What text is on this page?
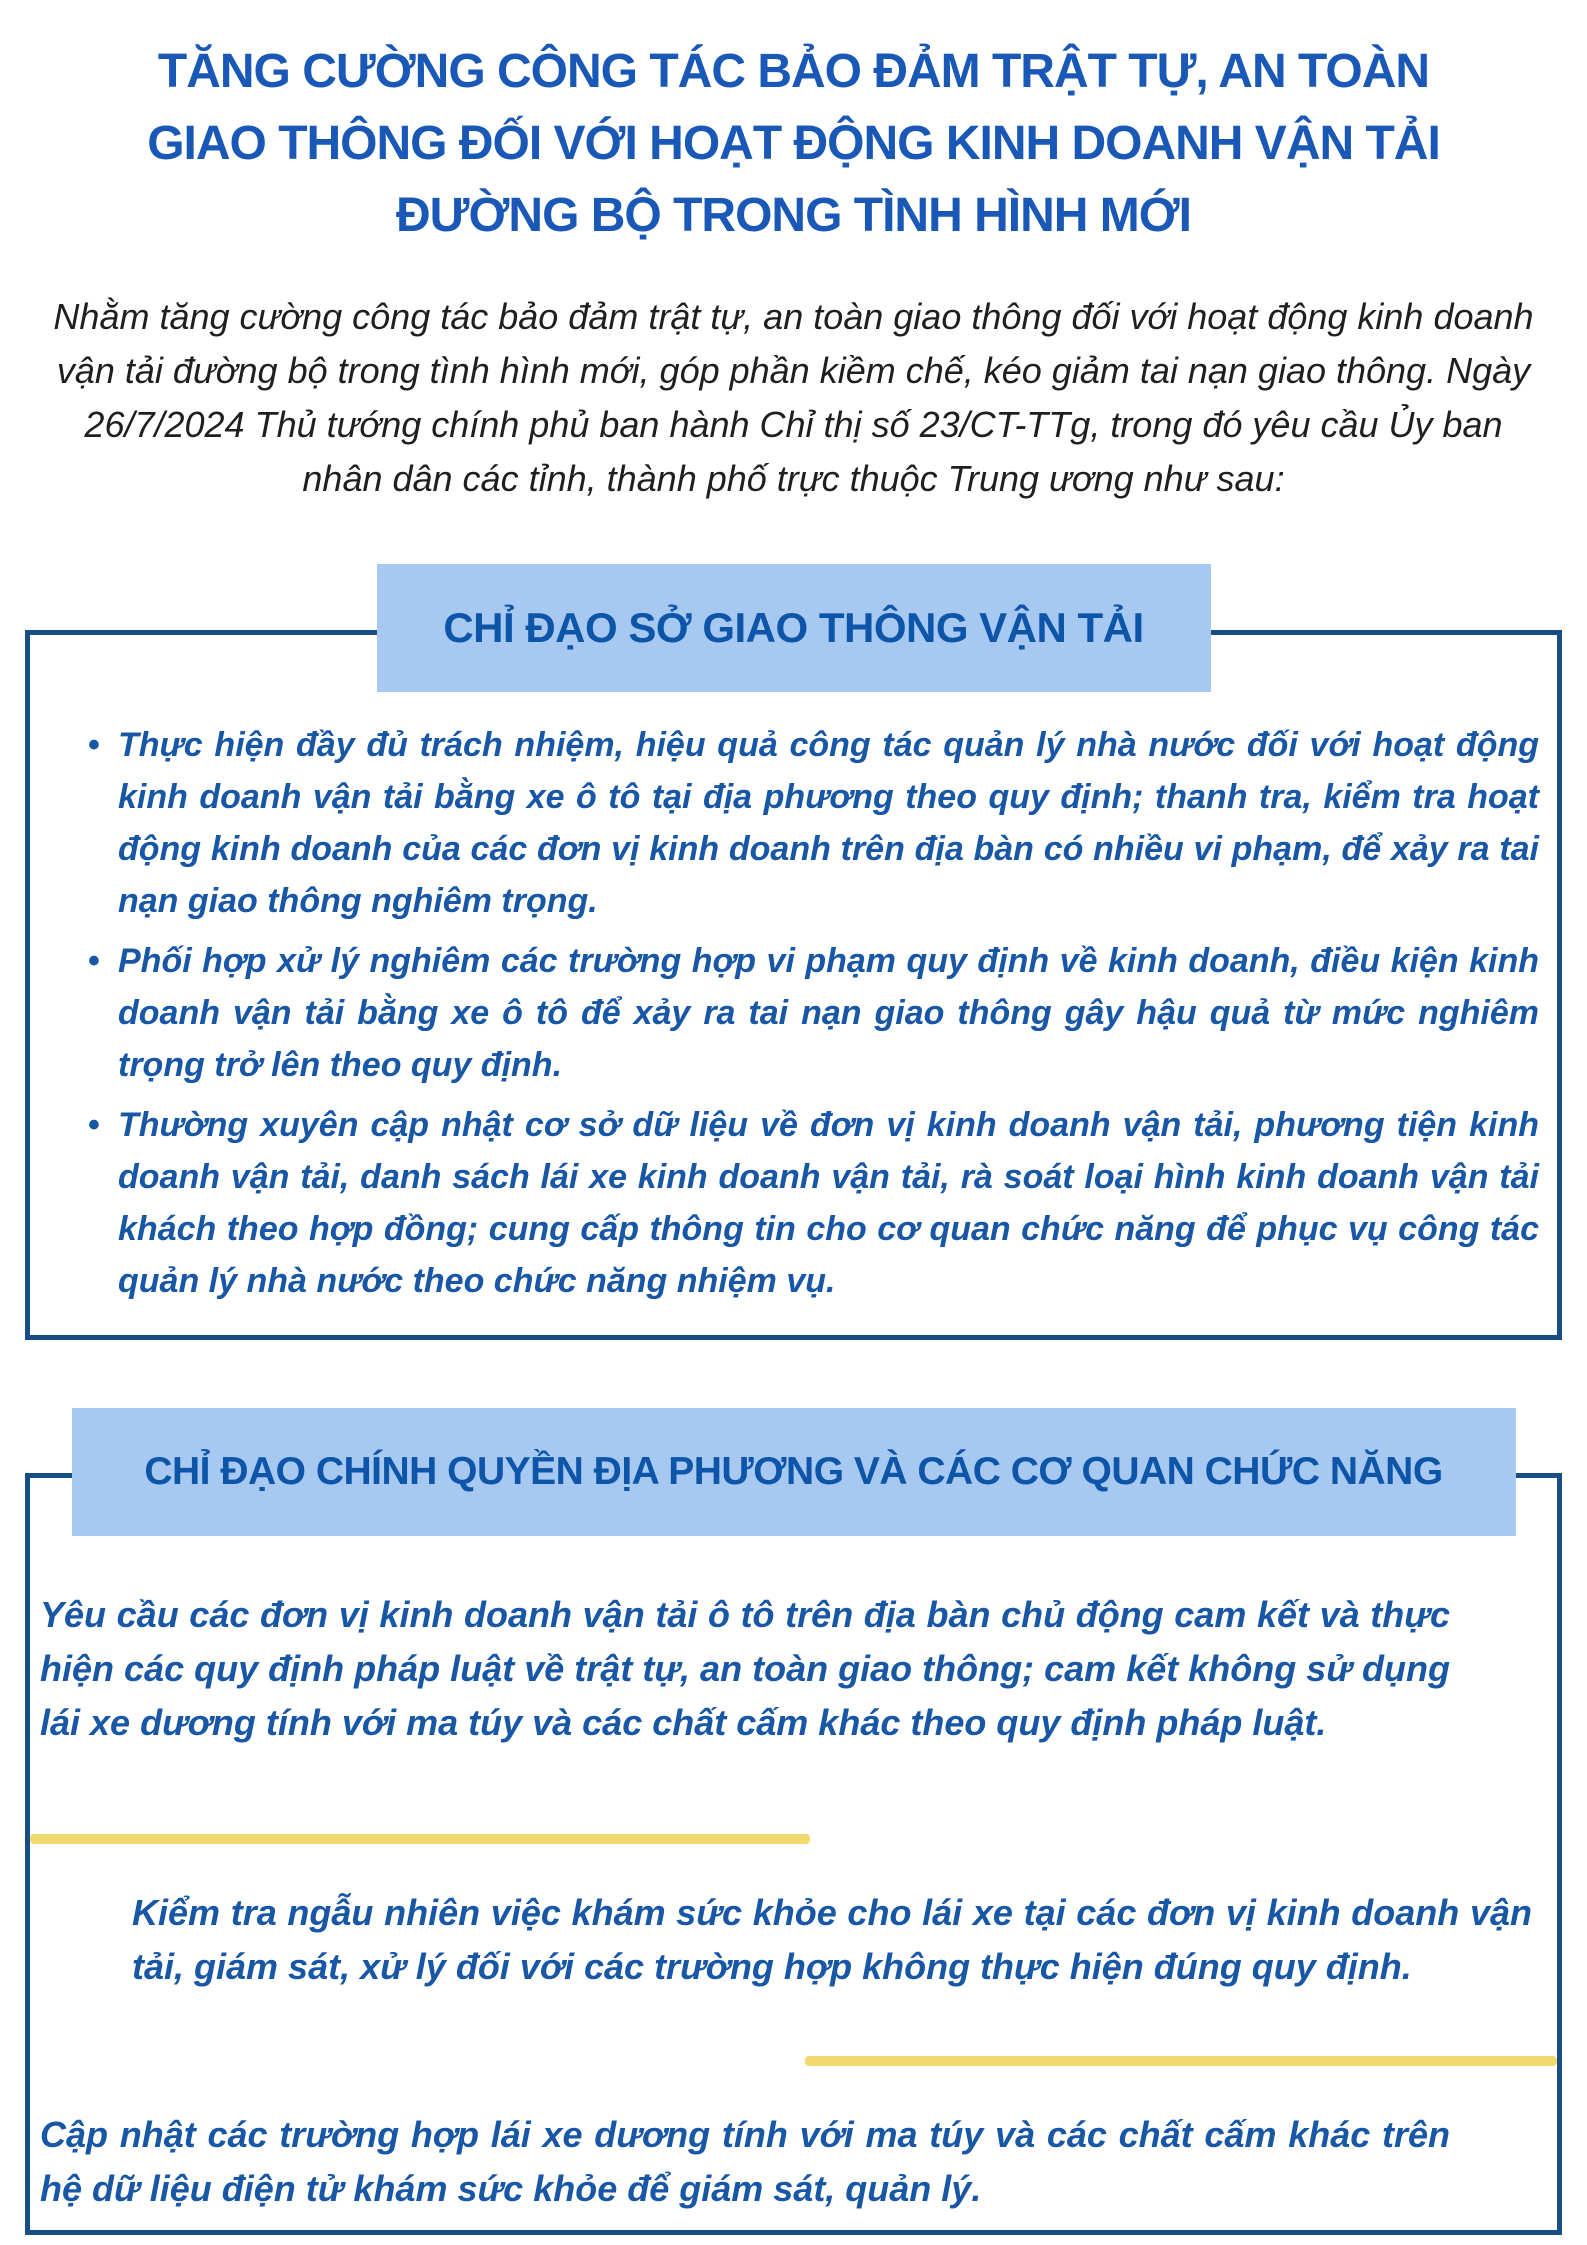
TĂNG CƯỜNG CÔNG TÁC BẢO ĐẢM TRẬT TỰ, AN TOÀN
GIAO THÔNG ĐỐI VỚI HOẠT ĐỘNG KINH DOANH VẬN TẢI
ĐƯỜNG BỘ TRONG TÌNH HÌNH MỚI

Nhằm tăng cường công tác bảo đảm trật tự, an toàn giao thông đối với hoạt động kinh doanh vận tải đường bộ trong tình hình mới, góp phần kiềm chế, kéo giảm tai nạn giao thông. Ngày 26/7/2024 Thủ tướng chính phủ ban hành Chỉ thị số 23/CT-TTg, trong đó yêu cầu Ủy ban nhân dân các tỉnh, thành phố trực thuộc Trung ương như sau:

• Thực hiện đầy đủ trách nhiệm, hiệu quả công tác quản lý nhà nước đối với hoạt động kinh doanh vận tải bằng xe ô tô tại địa phương theo quy định; thanh tra, kiểm tra hoạt động kinh doanh của các đơn vị kinh doanh trên địa bàn có nhiều vi phạm, để xảy ra tai nạn giao thông nghiêm trọng.
• Phối hợp xử lý nghiêm các trường hợp vi phạm quy định về kinh doanh, điều kiện kinh doanh vận tải bằng xe ô tô để xảy ra tai nạn giao thông gây hậu quả từ mức nghiêm trọng trở lên theo quy định.
• Thường xuyên cập nhật cơ sở dữ liệu về đơn vị kinh doanh vận tải, phương tiện kinh doanh vận tải, danh sách lái xe kinh doanh vận tải, rà soát loại hình kinh doanh vận tải khách theo hợp đồng; cung cấp thông tin cho cơ quan chức năng để phục vụ công tác quản lý nhà nước theo chức năng nhiệm vụ.
CHỈ ĐẠO SỞ GIAO THÔNG VẬN TẢI

Yêu cầu các đơn vị kinh doanh vận tải ô tô trên địa bàn chủ động cam kết và thực hiện các quy định pháp luật về trật tự, an toàn giao thông; cam kết không sử dụng lái xe dương tính với ma túy và các chất cấm khác theo quy định pháp luật.

Kiểm tra ngẫu nhiên việc khám sức khỏe cho lái xe tại các đơn vị kinh doanh vận tải, giám sát, xử lý đối với các trường hợp không thực hiện đúng quy định.

Cập nhật các trường hợp lái xe dương tính với ma túy và các chất cấm khác trên hệ dữ liệu điện tử khám sức khỏe để giám sát, quản lý.

CHỈ ĐẠO CHÍNH QUYỀN ĐỊA PHƯƠNG VÀ CÁC CƠ QUAN CHỨC NĂNG
